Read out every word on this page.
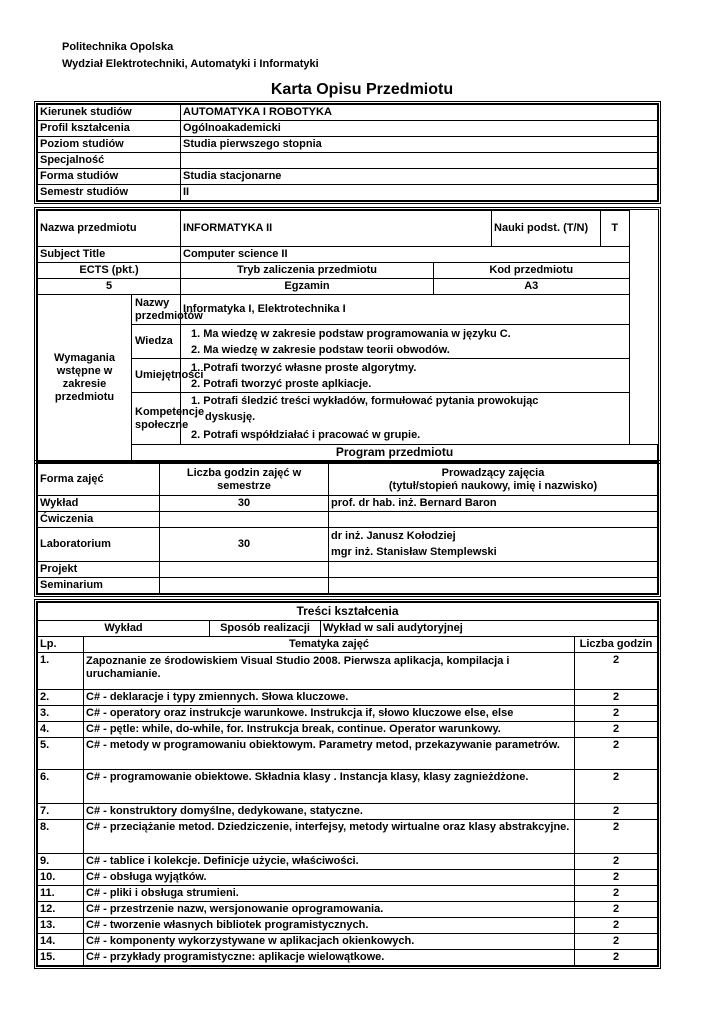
Politechnika Opolska
Wydział Elektrotechniki, Automatyki i Informatyki
Karta Opisu Przedmiotu
Kierunek studiów	AUTOMATYKA I ROBOTYKA
Profil kształcenia	Ogólnoakademicki
Poziom studiów	Studia pierwszego stopnia
Specjalność	
Forma studiów	Studia stacjonarne
Semestr studiów	II
Nazwa przedmiotu		INFORMATYKA II		Nauki podst. (T/N)	T
Subject Title		Computer science II			
ECTS (pkt.)		Tryb zaliczenia przedmiotu	Kod przedmiotu		
5		Egzamin	A3		
Wymagania wstępne w zakresie przedmiotu	Nazwy przedmiotów	Informatyka I, Elektrotechnika I			
	Wiedza	1. Ma wiedzę w zakresie podstaw programowania w języku C.
2. Ma wiedzę w zakresie podstaw teorii obwodów.			

	Umiejętności	1. Potrafi tworzyć własne proste algorytmy.
2. Potrafi tworzyć proste aplkiacje.			

	Kompetencje społeczne	1. Potrafi śledzić treści wykładów, formułować pytania prowokując
dyskusję.
2. Potrafi współdziałać i pracować w grupie.			

	Program przedmiotu				
Forma zajęć	Liczba godzin zajęć w semestrze	Prowadzący zajęcia
(tytuł/stopień naukowy, imię i nazwisko)

Wykład	30	prof. dr hab. inż. Bernard Baron
Ćwiczenia		
Laboratorium	30	dr inż. Janusz Kołodziej
mgr inż. Stanisław Stemplewski

Projekt		
Seminarium		
Treści kształcenia				
Wykład		Sposób realizacji	Wykład w sali audytoryjnej	
Lp.	Tematyka zajęć			Liczba godzin
1.	Zapoznanie ze środowiskiem Visual Studio 2008. Pierwsza aplikacja, kompilacja i uruchamianie.			2
2.	C# - deklaracje i typy zmiennych. Słowa kluczowe.			2
3.	C# - operatory oraz instrukcje warunkowe. Instrukcja if, słowo kluczowe else, else			2
4.	C# - pętle: while, do-while, for. Instrukcja break, continue. Operator warunkowy.			2
5.	C# - metody w programowaniu obiektowym. Parametry metod, przekazywanie parametrów.			2
6.	C# - programowanie obiektowe. Składnia klasy . Instancja klasy, klasy zagnieżdżone.			2
7.	C# - konstruktory domyślne, dedykowane, statyczne.			2
8.	C# - przeciążanie metod. Dziedziczenie, interfejsy, metody wirtualne oraz klasy abstrakcyjne.			2
9.	C# - tablice i kolekcje. Definicje użycie, właściwości.			2
10.	C# - obsługa wyjątków.			2
11.	C# - pliki i obsługa strumieni.			2
12.	C# - przestrzenie nazw, wersjonowanie oprogramowania.			2
13.	C# - tworzenie własnych bibliotek programistycznych.			2
14.	C# - komponenty wykorzystywane w aplikacjach okienkowych.			2
15.	C# - przykłady programistyczne: aplikacje wielowątkowe.			2
